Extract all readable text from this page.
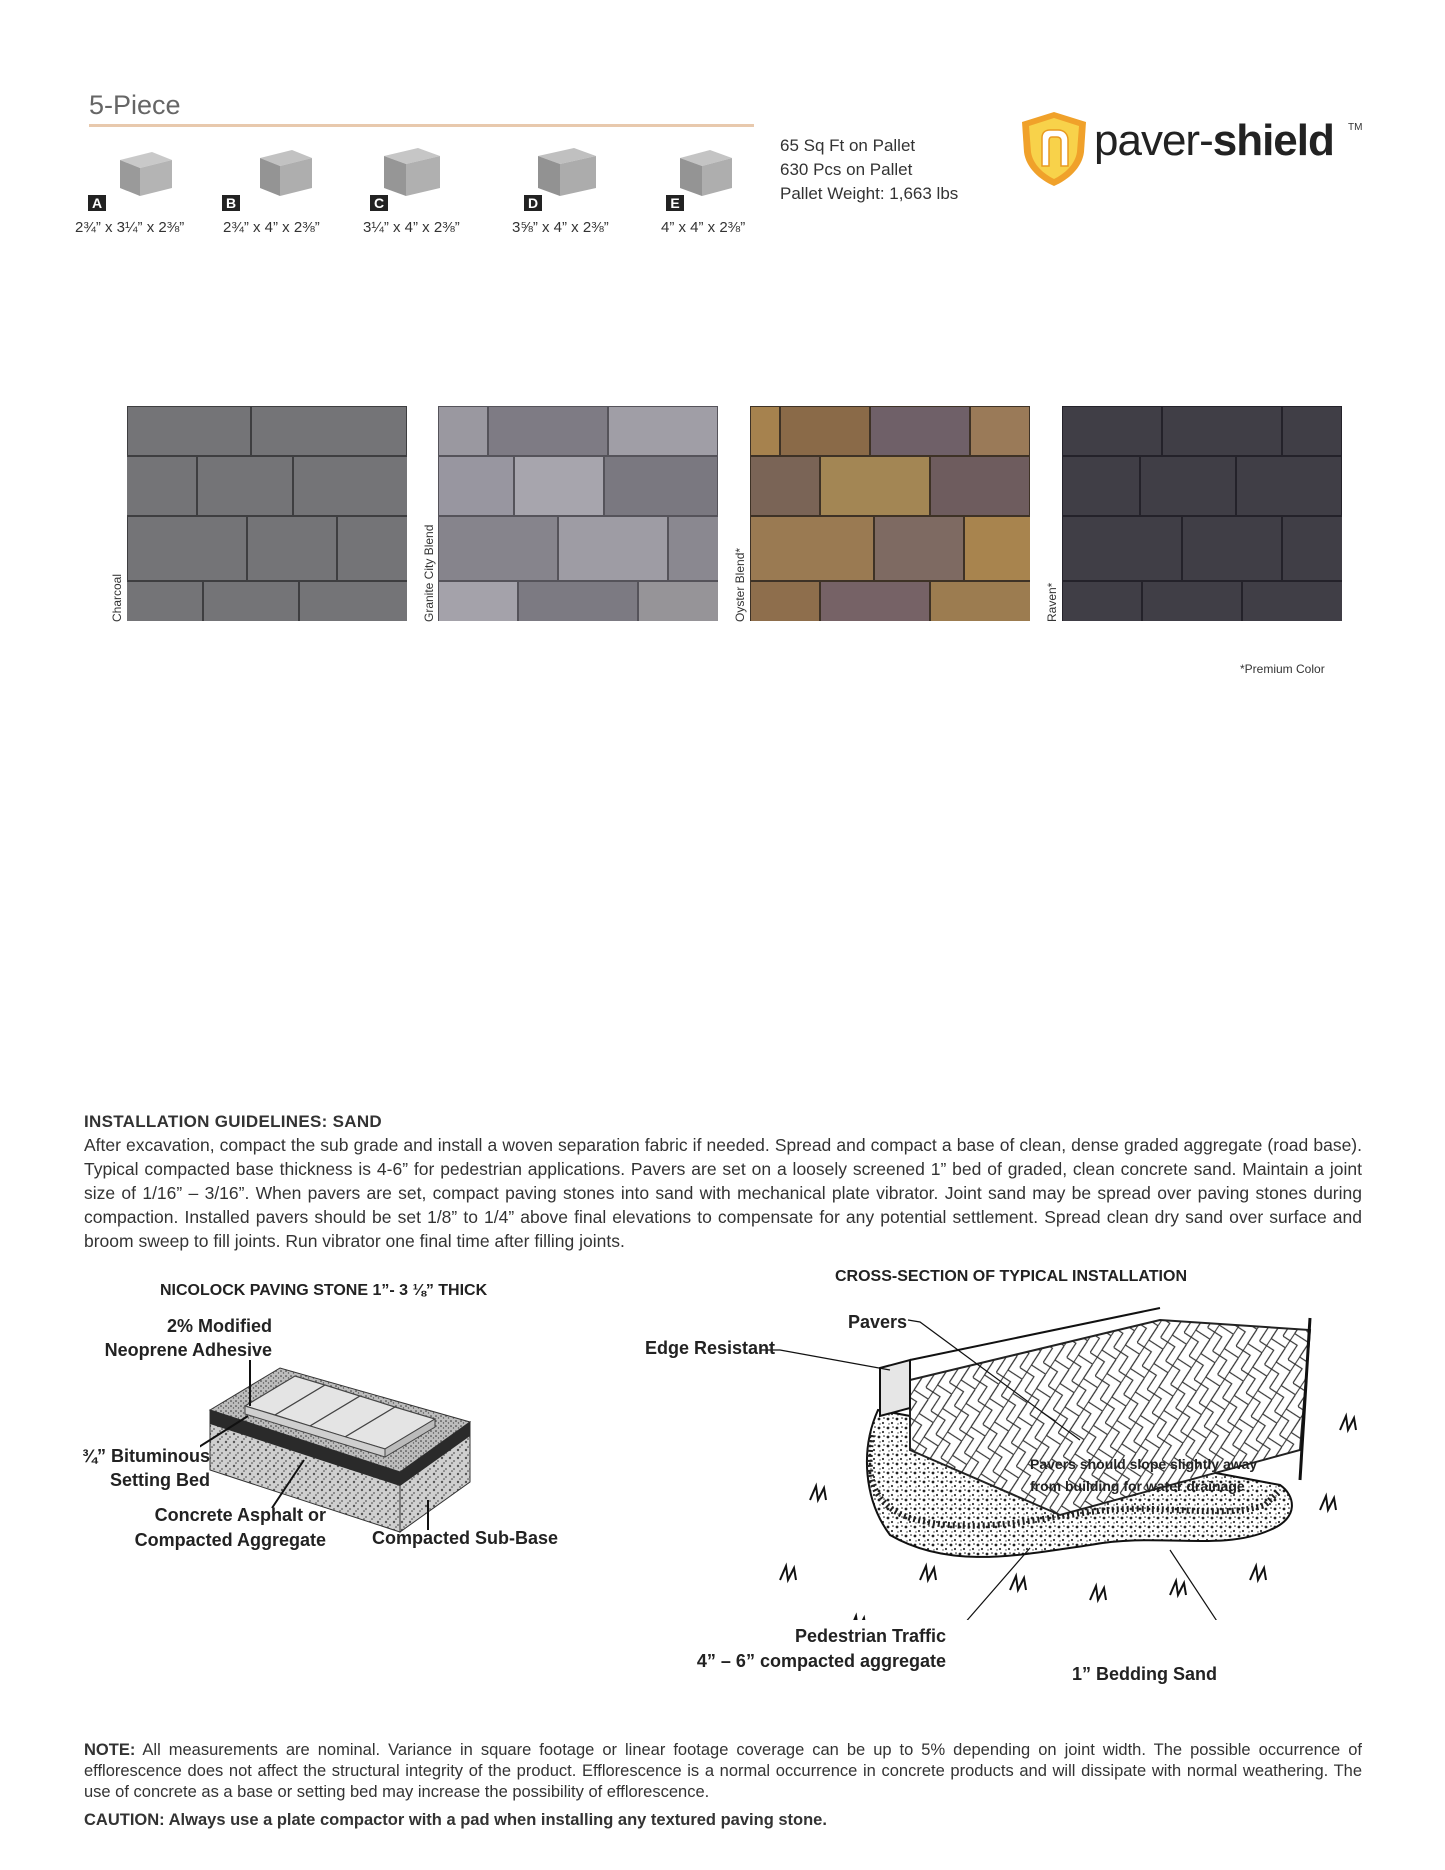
5-Piece
A
2¾” x 3¼” x 2⅜”
B
2¾” x 4” x 2⅜”
C
3¼” x 4” x 2⅜”
D
3⅝” x 4” x 2⅜”
E
4” x 4” x 2⅜”
65 Sq Ft on Pallet
630 Pcs on Pallet
Pallet Weight: 1,663 lbs
paver-shield TM
Charcoal	Granite City Blend	Oyster Blend*	Raven*
*Premium Color
INSTALLATION GUIDELINES: SAND
After excavation, compact the sub grade and install a woven separation fabric if needed. Spread and compact a base of clean, dense graded aggregate (road base). Typical compacted base thickness is 4-6” for pedestrian applications. Pavers are set on a loosely screened 1” bed of graded, clean concrete sand. Maintain a joint size of 1/16” – 3/16”. When pavers are set, compact paving stones into sand with mechanical plate vibrator. Joint sand may be spread over paving stones during compaction. Installed pavers should be set 1/8” to 1/4” above final elevations to compensate for any potential settlement. Spread clean dry sand over surface and broom sweep to fill joints. Run vibrator one final time after filling joints.
NICOLOCK PAVING STONE 1”- 3 ⅛” THICK
2% Modified
Neoprene Adhesive
¾” Bituminous
Setting Bed
Concrete Asphalt or
Compacted Aggregate	Compacted Sub-Base
CROSS-SECTION OF TYPICAL INSTALLATION
Pavers
Edge Resistant
Pavers should slope slightly away
from building for water drainage
Pedestrian Traffic
4” – 6” compacted aggregate
1” Bedding Sand
NOTE: All measurements are nominal. Variance in square footage or linear footage coverage can be up to 5% depending on joint width. The possible occurrence of efflorescence does not affect the structural integrity of the product. Efflorescence is a normal occurrence in concrete products and will dissipate with normal weathering. The use of concrete as a base or setting bed may increase the possibility of efflorescence.
CAUTION: Always use a plate compactor with a pad when installing any textured paving stone.
